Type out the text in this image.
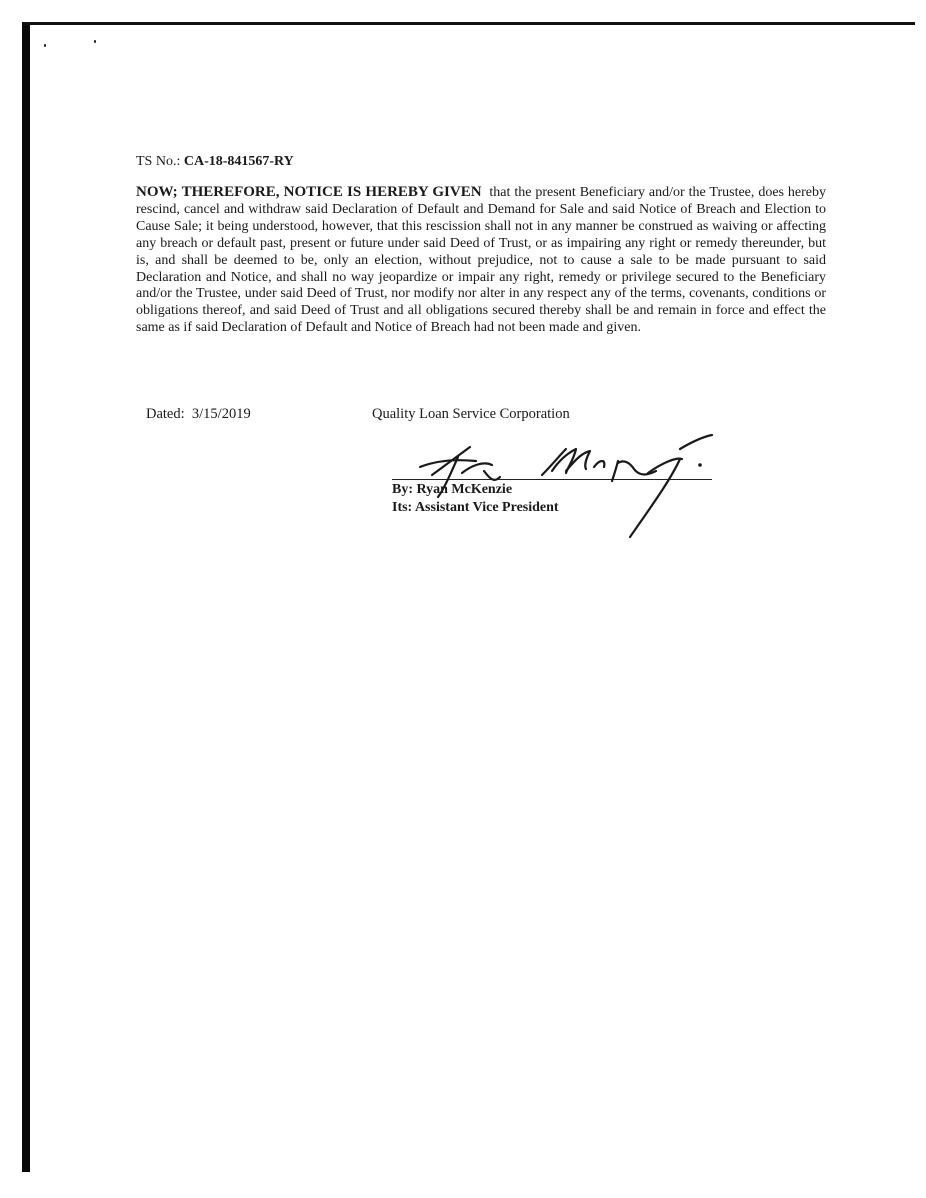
TS No.: CA-18-841567-RY

NOW; THEREFORE, NOTICE IS HEREBY GIVEN that the present Beneficiary and/or the Trustee, does hereby rescind, cancel and withdraw said Declaration of Default and Demand for Sale and said Notice of Breach and Election to Cause Sale; it being understood, however, that this rescission shall not in any manner be construed as waiving or affecting any breach or default past, present or future under said Deed of Trust, or as impairing any right or remedy thereunder, but is, and shall be deemed to be, only an election, without prejudice, not to cause a sale to be made pursuant to said Declaration and Notice, and shall no way jeopardize or impair any right, remedy or privilege secured to the Beneficiary and/or the Trustee, under said Deed of Trust, nor modify nor alter in any respect any of the terms, covenants, conditions or obligations thereof, and said Deed of Trust and all obligations secured thereby shall be and remain in force and effect the same as if said Declaration of Default and Notice of Breach had not been made and given.

Dated: 3/15/2019	Quality Loan Service Corporation
By: Ryan McKenzie
Its: Assistant Vice President
